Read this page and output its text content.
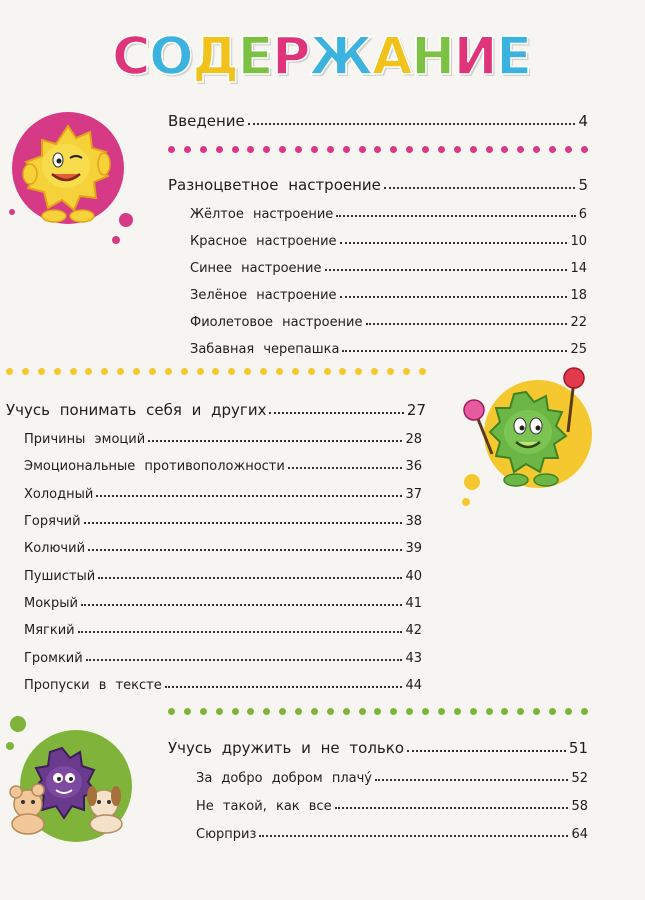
СОДЕРЖАНИЕ
Введение	4
Разноцветное настроение	5
Жёлтое настроение	6
Красное настроение	10
Синее настроение	14
Зелёное настроение	18
Фиолетовое настроение	22
Забавная черепашка	25
Учусь понимать себя и других	27
Причины эмоций	28
Эмоциональные противоположности	36
Холодный	37
Горячий	38
Колючий	39
Пушистый	40
Мокрый	41
Мягкий	42
Громкий	43
Пропуски в тексте	44
Учусь дружить и не только	51
За добро добром плачу́	52
Не такой, как все	58
Сюрприз	64
